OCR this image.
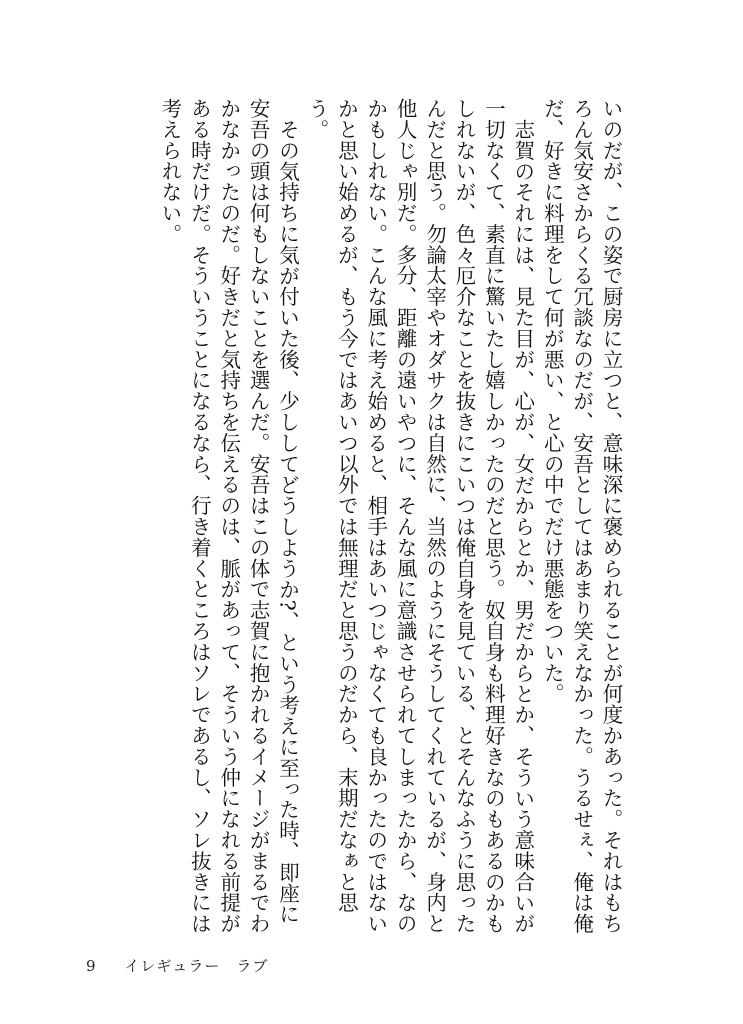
いのだが、この姿で厨房に立つと、意味深に褒められることが何度かあった。それはもちろん気安さからくる冗談なのだが、安吾としてはあまり笑えなかった。うるせぇ、俺は俺だ、好きに料理をして何が悪い、と心の中でだけ悪態をついた。

志賀のそれには、見た目が、心が、女だからとか、男だからとか、そういう意味合いが一切なくて、素直に驚いたし嬉しかったのだと思う。奴自身も料理好きなのもあるのかもしれないが、色々厄介なことを抜きにこいつは俺自身を見ている、とそんなふうに思ったんだと思う。勿論太宰やオダサクは自然に、当然のようにそうしてくれているが、身内と他人じゃ別だ。多分、距離の遠いやつに、そんな風に意識させられてしまったから、なのかもしれない。こんな風に考え始めると、相手はあいつじゃなくても良かったのではないかと思い始めるが、もう今ではあいつ以外では無理だと思うのだから、末期だなぁと思う。

その気持ちに気が付いた後、少ししてどうしようか?、という考えに至った時、即座に安吾の頭は何もしないことを選んだ。安吾はこの体で志賀に抱かれるイメージがまるでわかなかったのだ。好きだと気持ちを伝えるのは、脈があって、そういう仲になれる前提がある時だけだ。そういうことになるなら、行き着くところはソレであるし、ソレ抜きには考えられない。

9 イレギュラー　ラブ
